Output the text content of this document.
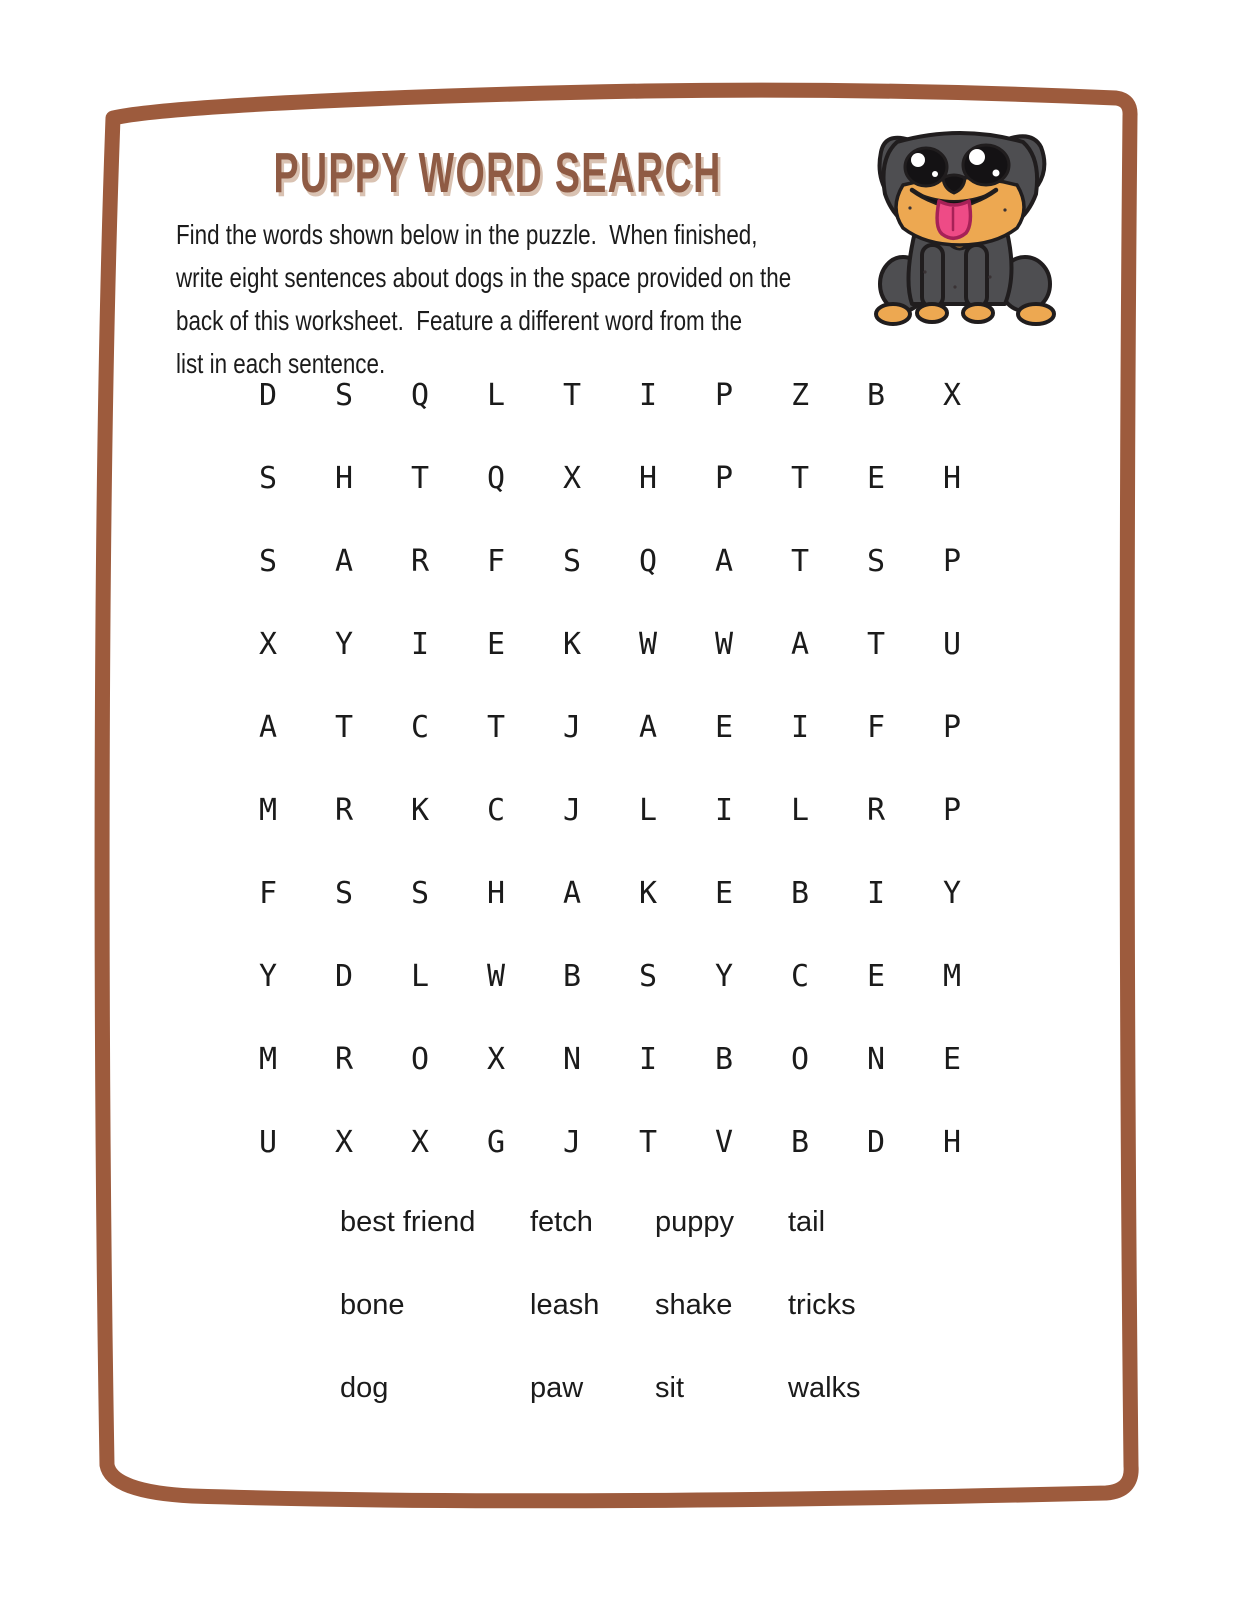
PUPPY WORD SEARCH
Find the words shown below in the puzzle.  When finished,
write eight sentences about dogs in the space provided on the
back of this worksheet.  Feature a different word from the
list in each sentence.
D	S	Q	L	T	I	P	Z	B	X
S	H	T	Q	X	H	P	T	E	H
S	A	R	F	S	Q	A	T	S	P
X	Y	I	E	K	W	W	A	T	U
A	T	C	T	J	A	E	I	F	P
M	R	K	C	J	L	I	L	R	P
F	S	S	H	A	K	E	B	I	Y
Y	D	L	W	B	S	Y	C	E	M
M	R	O	X	N	I	B	O	N	E
U	X	X	G	J	T	V	B	D	H
best friend	fetch	puppy	tail
bone	leash	shake	tricks
dog	paw	sit	walks
